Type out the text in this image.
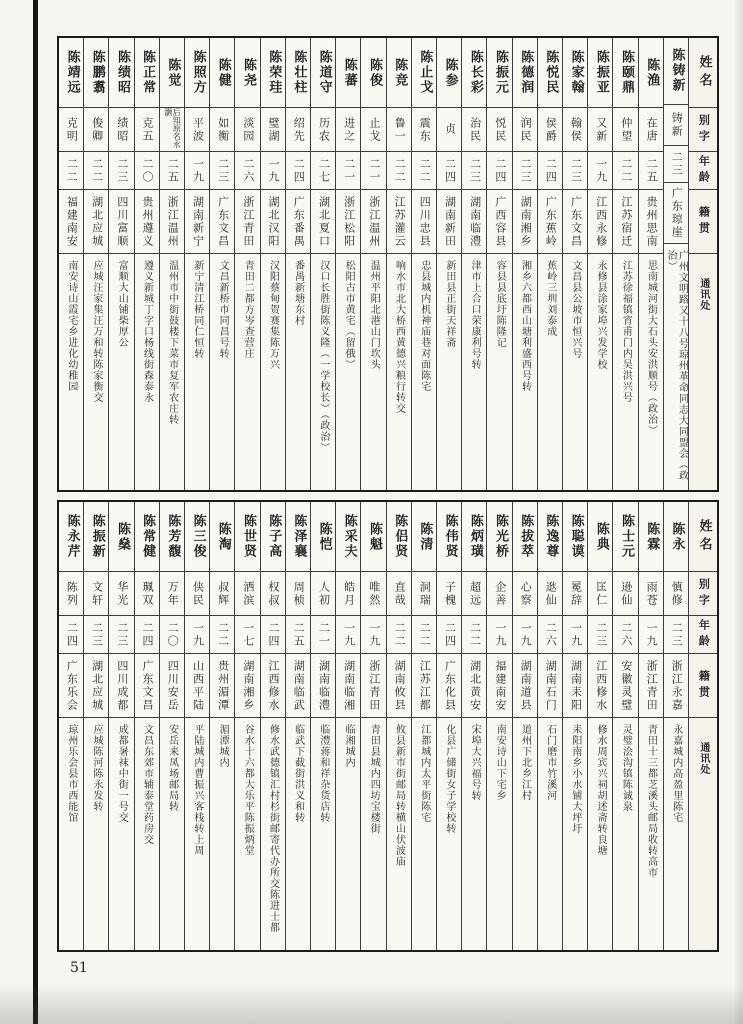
陈靖远
克明
二二
福建南安
南安诗山霞宅乡进化幼稚园
陈鹏翥
俊卿
二二
湖北应城
应城汪家集汪万和转陈家衡交
陈绩昭
绩昭
二三
四川富顺
富顺大山铺柴厚公
陈正常
克五
二〇
贵州遵义
遵义新城丁字口杨线街森泰永
陈觉
后知原名永灏
二五
浙江温州
温州市中街鼓楼下菜市复军农庄转
陈照方
平波
一九
湖南新宁
新宁清江桥同仁恒转
陈健
如衡
二三
广东文昌
文昌新桥市同昌号转
陈尧
淡园
二六
浙江青田
青田二都方岑查营庄
陈荣珪
璧湖
一九
湖北汉阳
汉阳蔡甸贺赛集陈万兴
陈壮柱
绍先
二四
广东番禺
番禺新塘东村
陈道守
历农
二七
湖北夏口
汉口长胜街陈义隆（一学校长）（政治）
陈蕃
进之
二一
浙江松阳
松阳古市黄宅（留俄）
陈俊
止戈
二一
浙江温州
温州平阳北港山门坎头
陈竞
鲁一
二二
江苏灌云
响水市北大桥西黄德兴粮行转交
陈止戈
震东
二二
四川忠县
忠县城内机神庙巷对面陈宅
陈参
贞
二四
湖南新田
新田县正街天祥斋
陈长彩
治民
二三
湖南临澧
津市上合口荣康利号转
陈振元
悦民
二四
广西容县
容县县底圩陈隆记
陈德润
润民
二三
湖南湘乡
湘乡六都西山塘利盛西号转
陈悦民
侯爵
二四
广东蕉岭
蕉岭三圳刘泰成
陈家翰
翰侯
二三
广东文昌
文昌县公坡市恒兴号
陈振亚
又新
一九
江西永修
永修县涂家埠兴发学校
陈颐鼎
仲望
二二
江苏宿迁
江苏徐福镇宵甫门内吴洪兴号
陈渔
在唐
二五
贵州思南
思南城河街大石头安洪顺号（政治）
陈铸新
铸新
二三
广东琼崖
广州文明路又十八号琼州革命同志大同盟会（政治）
姓名
别字
年龄
籍贯
通讯处
陈永芹
陈列
二四
广东乐会
琼州乐会县市西能馆
陈振新
文轩
二三
湖北应城
应城陈河陈永发转
陈燊
华光
二三
四川成都
成都暑袜中街一号交
陈常健
珮双
二四
广东文昌
文昌东郊市辅泰堂药房交
陈芳馥
万年
二〇
四川安岳
安岳来凤场邮局转
陈三俊
侠民
一九
山西平陆
平陆城内曹振兴客栈转上周
陈淘
叔辉
二二
贵州湄潭
湄潭城内
陈世贤
洒滨
一七
湖南湘乡
谷水十六都大乐平陈振炳堂
陈子高
权叔
二四
江西修水
修水武德镇汇村杉街邮寄代办所交陈进士都
陈泽襄
周桢
二五
湖南临武
临武下截街洪义和转
陈恺
人初
二一
湖南临澧
临澧蒋和祥杂货店转
陈采夫
皓月
一九
湖南临湘
临湘城内
陈魁
唯然
一九
浙江青田
青田县城内四坊宝楼街
陈侣贤
直哉
二二
湖南攸县
攸县新市街邮局转横山伏波庙
陈清
洞瑞
二二
江苏江都
江都城内太平街陈宅
陈伟贤
子槐
二四
广东化县
化县广储街女子学校转
陈炳璜
超远
二二
湖北黄安
宋埠大兴福号转
陈光桥
企善
一九
福建南安
南安诗山下宅乡
陈拔萃
心察
一九
湖南道县
道州下北乡江村
陈逸尊
逖仙
二六
湖南石门
石门磨市竹溪河
陈聪谟
冕辞
一九
湖南耒阳
耒阳南乡小水铺大坪圩
陈典
匡仁
二三
江西修水
修水周宾兴祠胡述斋转良塘
陈士元
逊仙
二六
安徽灵璧
灵璧浍沟镇陈诚泉
陈霖
雨苍
一九
浙江青田
青田十三都芝溪头邮局收转高市
陈永
慎修
二三
浙江永嘉
永嘉城内高盈里陈宅
姓名
别字
年龄
籍贯
通讯处
51
